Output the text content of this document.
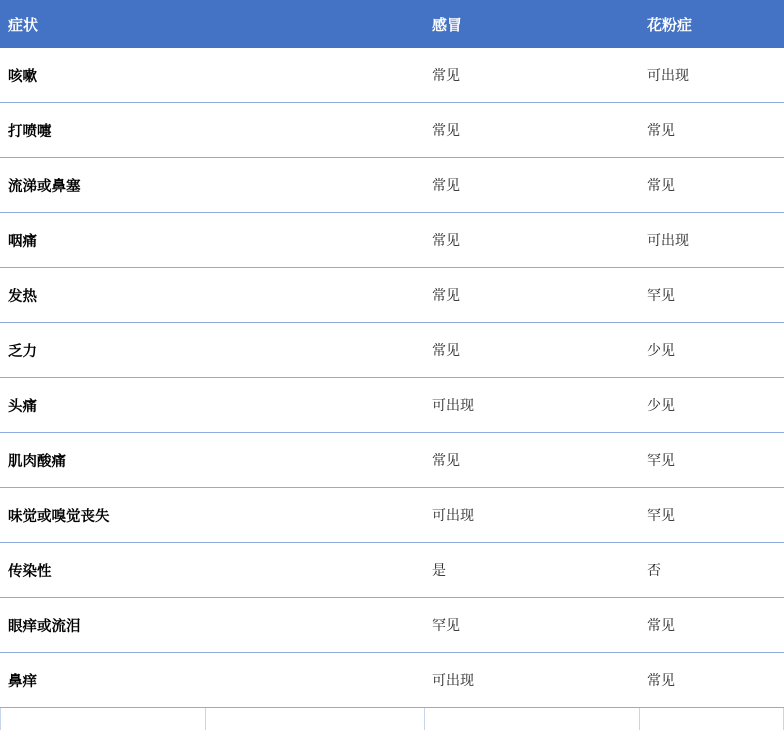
症状	感冒	花粉症
咳嗽	常见	可出现
打喷嚏	常见	常见
流涕或鼻塞	常见	常见
咽痛	常见	可出现
发热	常见	罕见
乏力	常见	少见
头痛	可出现	少见
肌肉酸痛	常见	罕见
味觉或嗅觉丧失	可出现	罕见
传染性	是	否
眼痒或流泪	罕见	常见
鼻痒	可出现	常见
